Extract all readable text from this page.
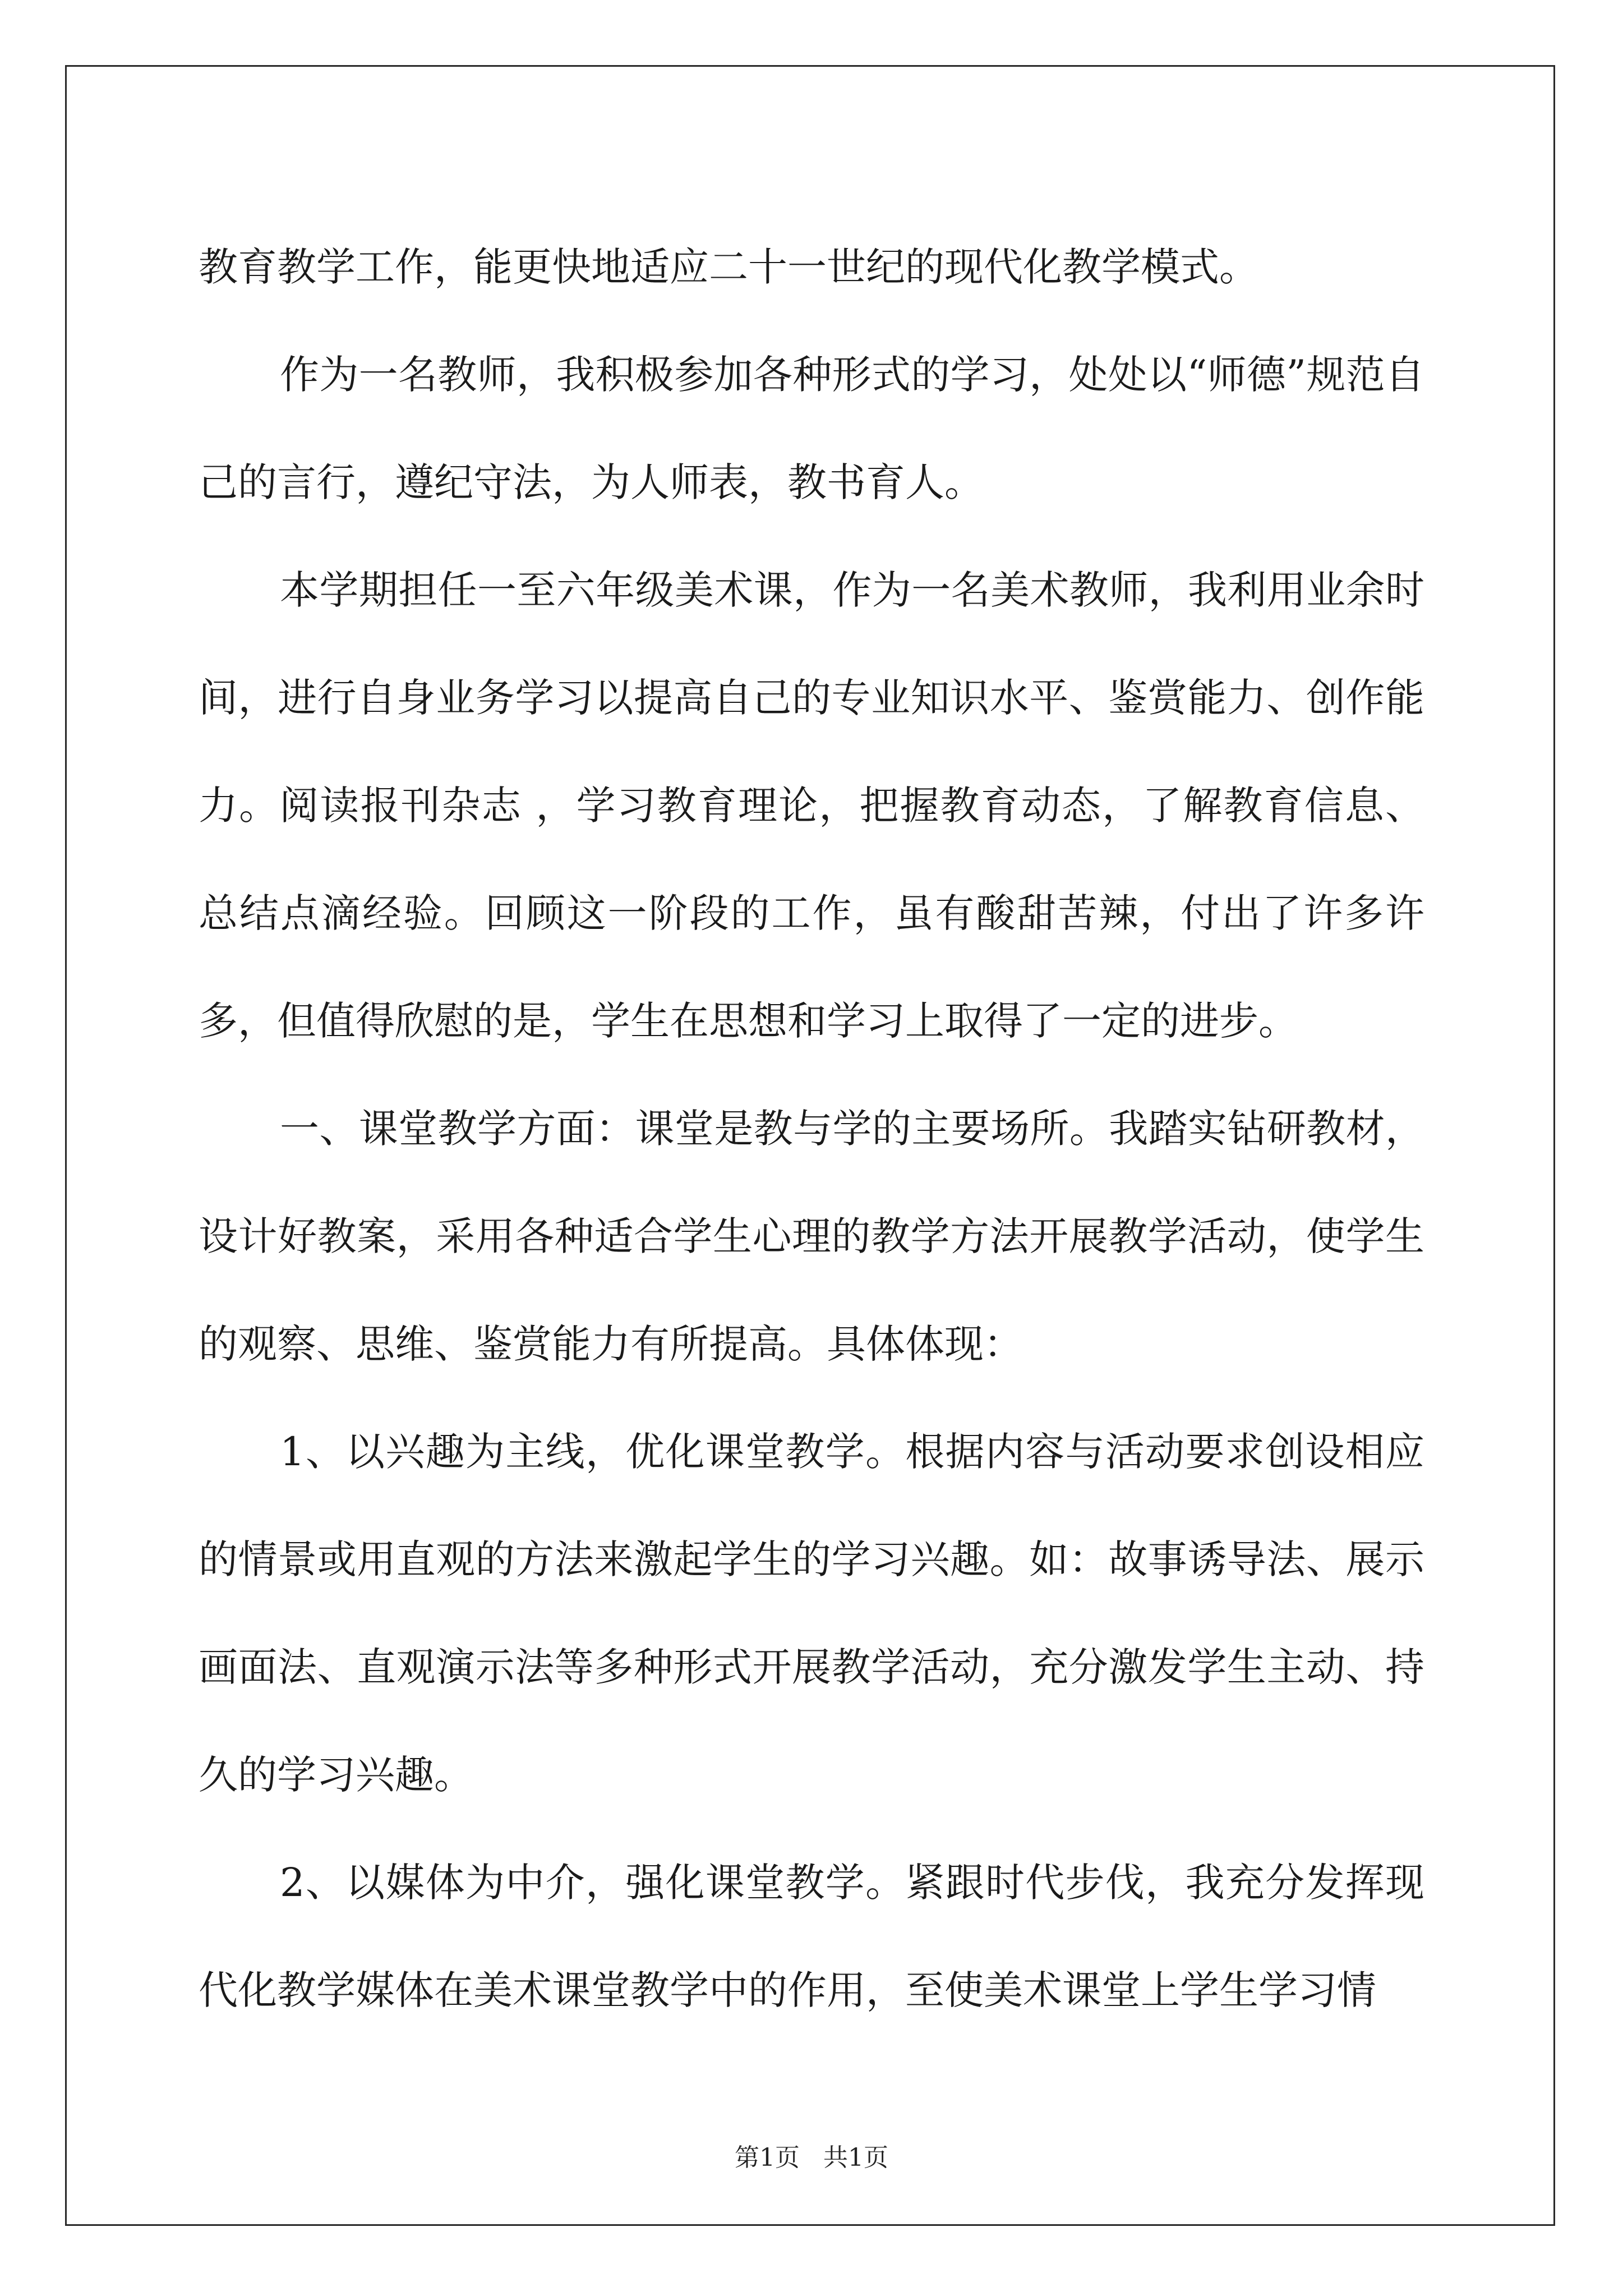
教育教学工作，能更快地适应二十一世纪的现代化教学模式。

作为一名教师，我积极参加各种形式的学习，处处以“师德”规范自己的言行，遵纪守法，为人师表，教书育人。

本学期担任一至六年级美术课，作为一名美术教师，我利用业余时间，进行自身业务学习以提高自己的专业知识水平、鉴赏能力、创作能力。阅读报刊杂志 ，学习教育理论，把握教育动态，了解教育信息、总结点滴经验。回顾这一阶段的工作，虽有酸甜苦辣，付出了许多许多，但值得欣慰的是，学生在思想和学习上取得了一定的进步。

一、课堂教学方面：课堂是教与学的主要场所。我踏实钻研教材，设计好教案，采用各种适合学生心理的教学方法开展教学活动，使学生的观察、思维、鉴赏能力有所提高。具体体现：

1、以兴趣为主线，优化课堂教学。根据内容与活动要求创设相应的情景或用直观的方法来激起学生的学习兴趣。如：故事诱导法、展示画面法、直观演示法等多种形式开展教学活动，充分激发学生主动、持久的学习兴趣。

2、以媒体为中介，强化课堂教学。紧跟时代步伐，我充分发挥现代化教学媒体在美术课堂教学中的作用，至使美术课堂上学生学习情

第1页 共1页
